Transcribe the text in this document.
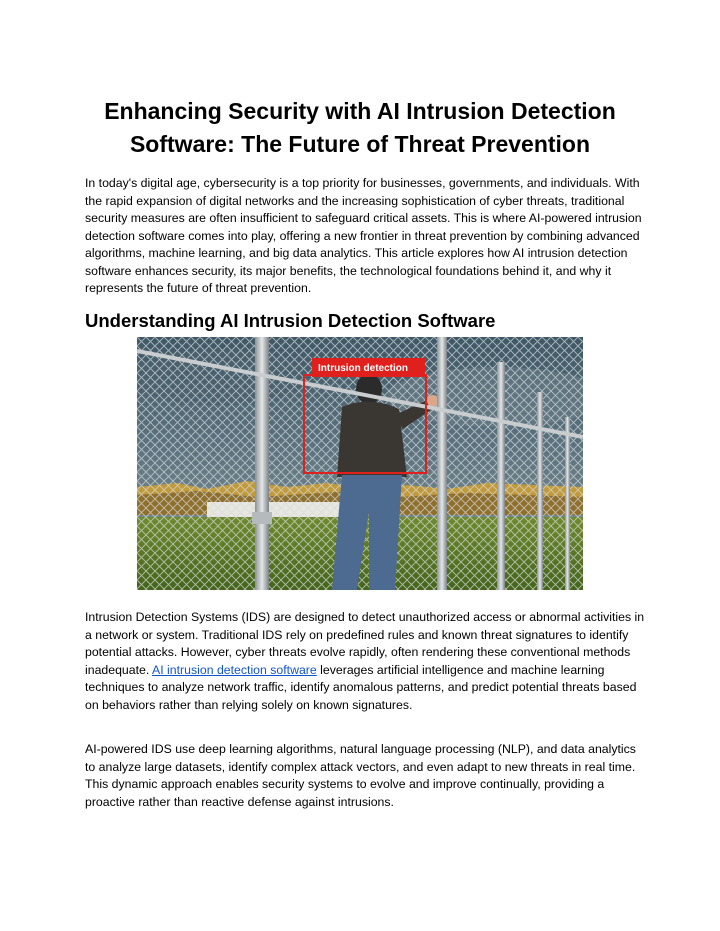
Enhancing Security with AI Intrusion Detection Software: The Future of Threat Prevention

In today's digital age, cybersecurity is a top priority for businesses, governments, and individuals. With the rapid expansion of digital networks and the increasing sophistication of cyber threats, traditional security measures are often insufficient to safeguard critical assets. This is where AI-powered intrusion detection software comes into play, offering a new frontier in threat prevention by combining advanced algorithms, machine learning, and big data analytics. This article explores how AI intrusion detection software enhances security, its major benefits, the technological foundations behind it, and why it represents the future of threat prevention.

Understanding AI Intrusion Detection Software
Intrusion detection

Intrusion Detection Systems (IDS) are designed to detect unauthorized access or abnormal activities in a network or system. Traditional IDS rely on predefined rules and known threat signatures to identify potential attacks. However, cyber threats evolve rapidly, often rendering these conventional methods inadequate. AI intrusion detection software leverages artificial intelligence and machine learning techniques to analyze network traffic, identify anomalous patterns, and predict potential threats based on behaviors rather than relying solely on known signatures.

AI-powered IDS use deep learning algorithms, natural language processing (NLP), and data analytics to analyze large datasets, identify complex attack vectors, and even adapt to new threats in real time. This dynamic approach enables security systems to evolve and improve continually, providing a proactive rather than reactive defense against intrusions.
